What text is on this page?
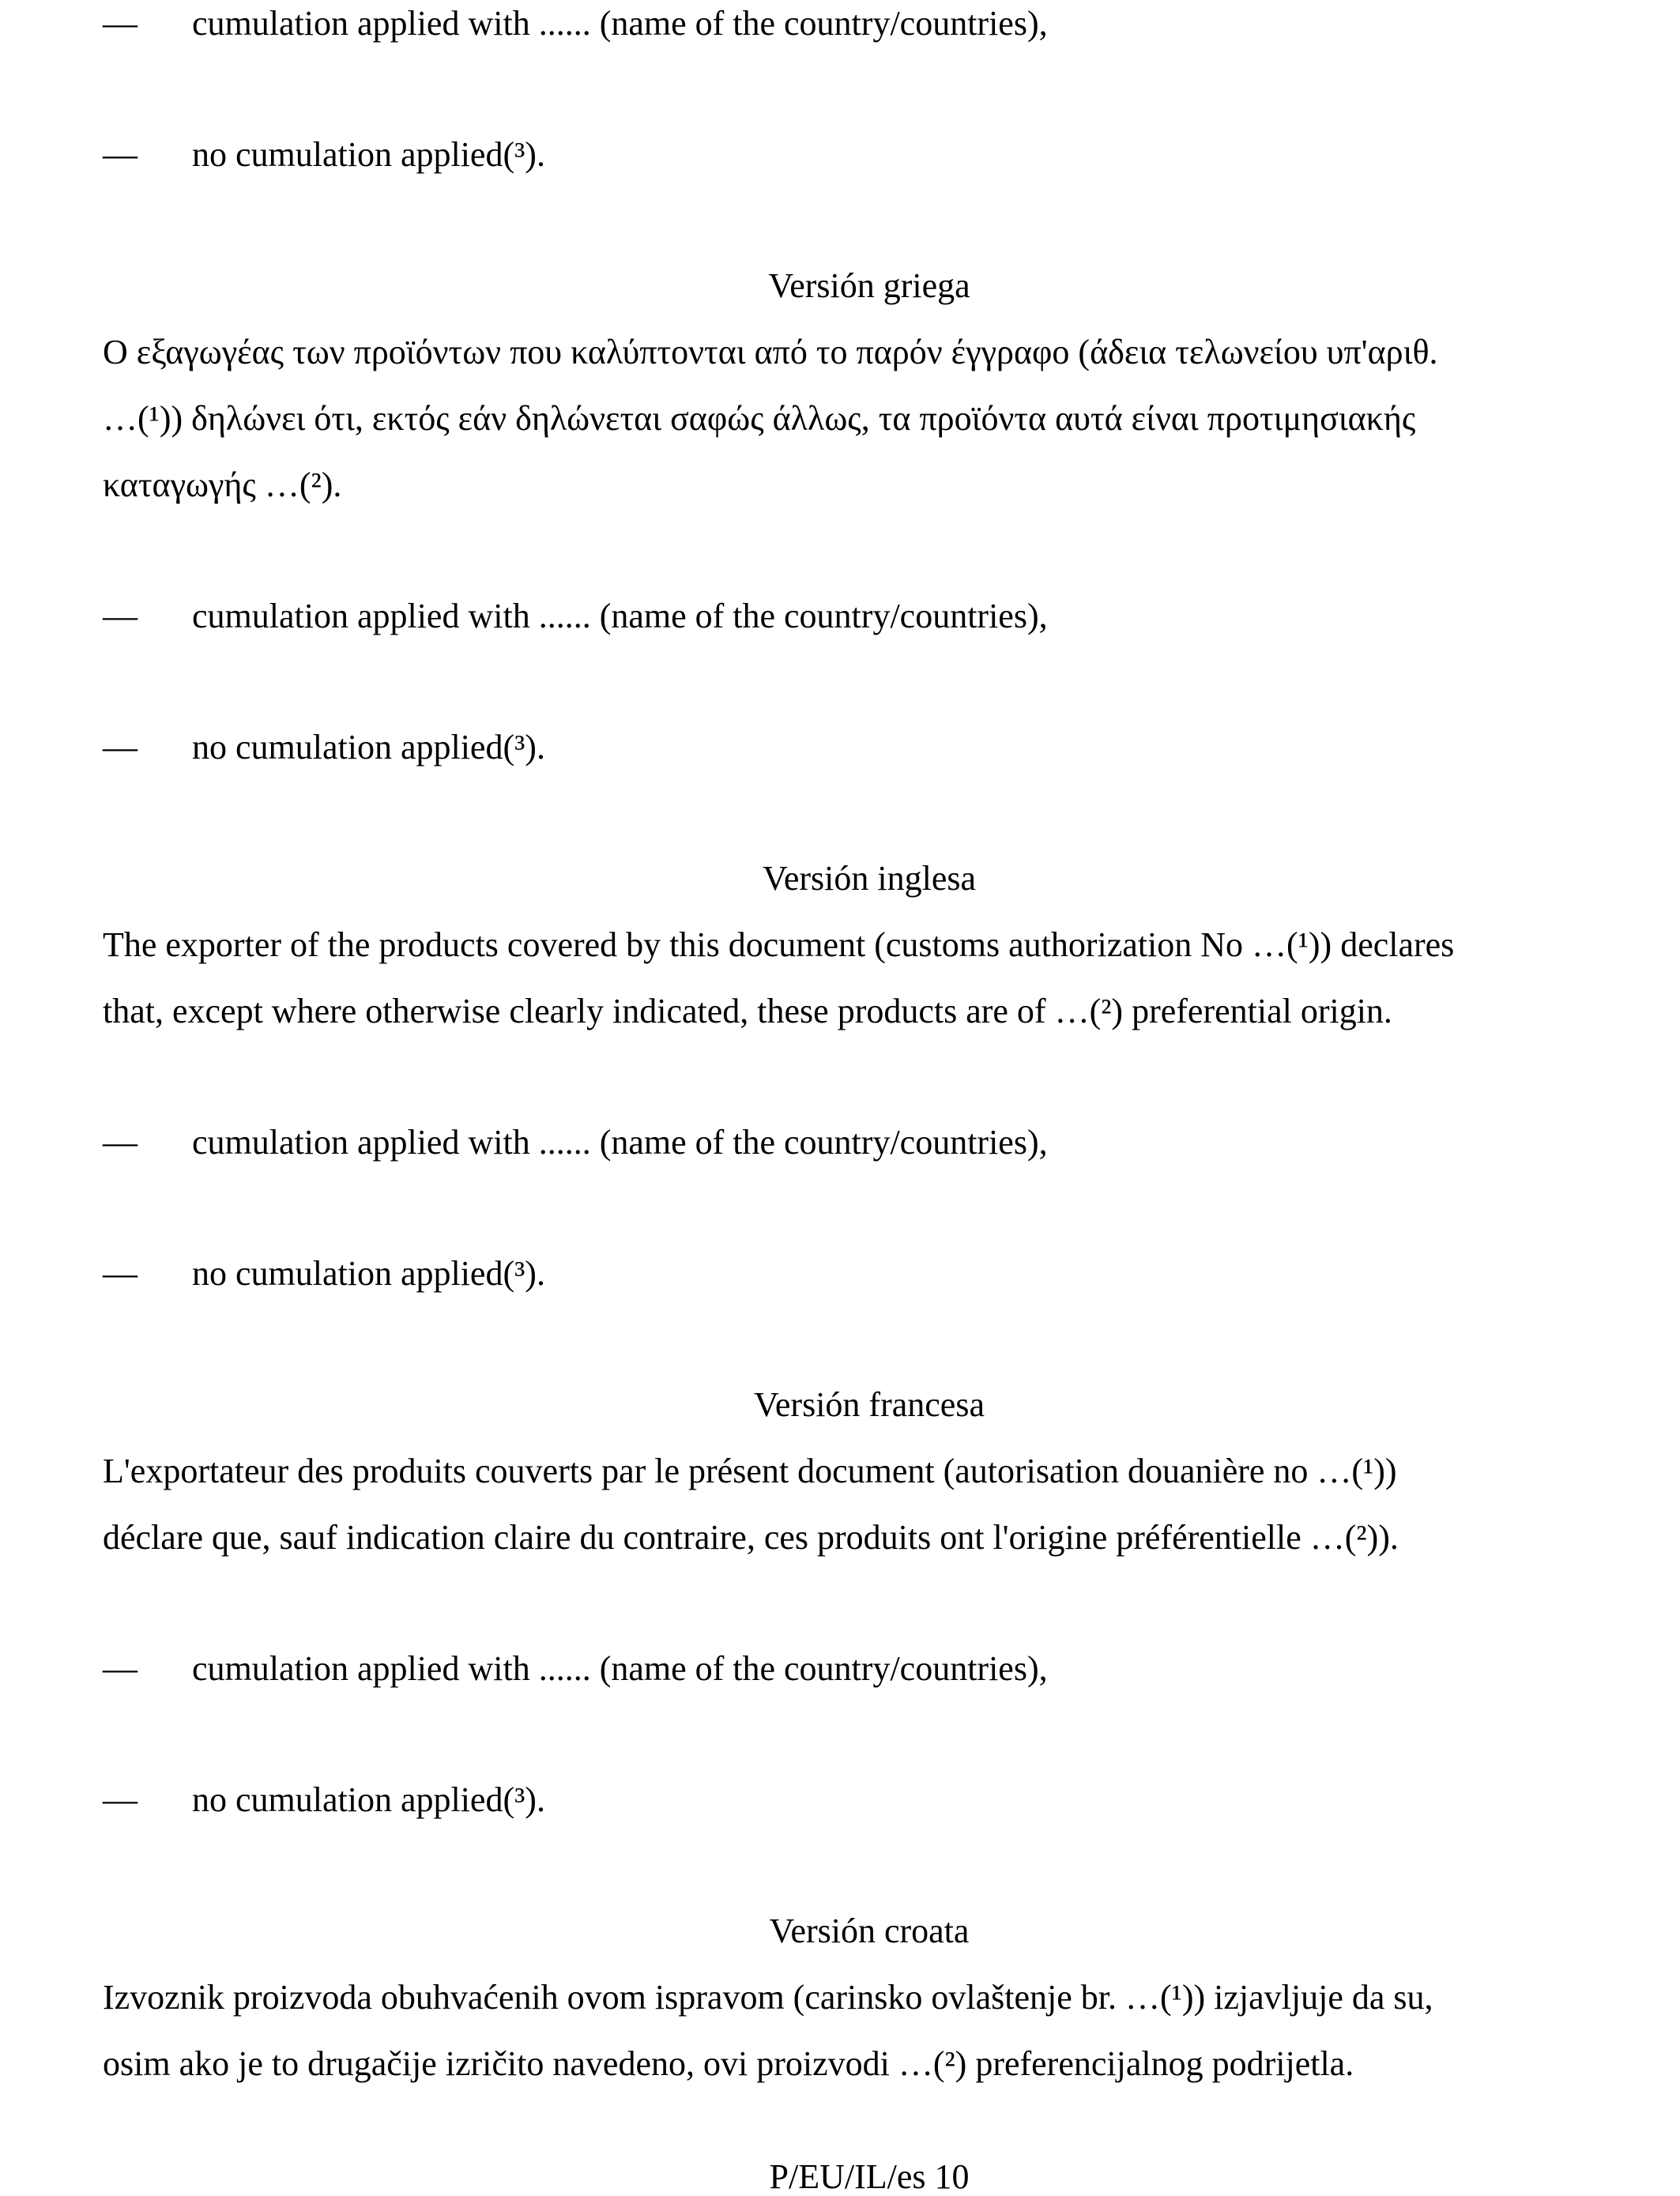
— cumulation applied with ...... (name of the country/countries),
— no cumulation applied(³).
Versión griega
Ο εξαγωγέας των προϊόντων που καλύπτονται από το παρόν έγγραφο (άδεια τελωνείου υπ'αριθ.
…(¹)) δηλώνει ότι, εκτός εάν δηλώνεται σαφώς άλλως, τα προϊόντα αυτά είναι προτιμησιακής
καταγωγής …(²).
— cumulation applied with ...... (name of the country/countries),
— no cumulation applied(³).
Versión inglesa
The exporter of the products covered by this document (customs authorization No …(¹)) declares
that, except where otherwise clearly indicated, these products are of …(²) preferential origin.
— cumulation applied with ...... (name of the country/countries),
— no cumulation applied(³).
Versión francesa
L'exportateur des produits couverts par le présent document (autorisation douanière no …(¹))
déclare que, sauf indication claire du contraire, ces produits ont l'origine préférentielle …(²)).
— cumulation applied with ...... (name of the country/countries),
— no cumulation applied(³).
Versión croata
Izvoznik proizvoda obuhvaćenih ovom ispravom (carinsko ovlaštenje br. …(¹)) izjavljuje da su,
osim ako je to drugačije izričito navedeno, ovi proizvodi …(²) preferencijalnog podrijetla.
P/EU/IL/es 10
